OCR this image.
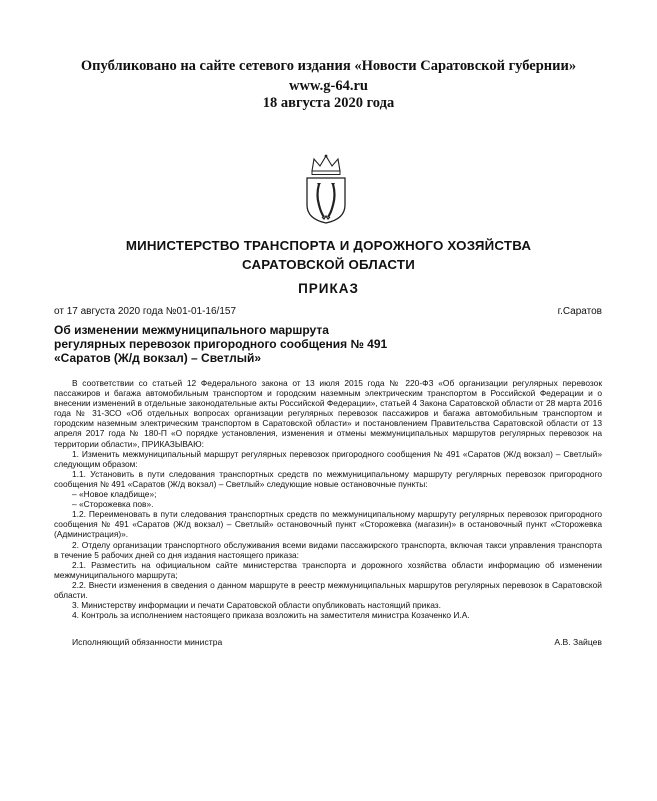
Опубликовано на сайте сетевого издания «Новости Саратовской губернии»
www.g-64.ru
18 августа 2020 года
МИНИСТЕРСТВО ТРАНСПОРТА И ДОРОЖНОГО ХОЗЯЙСТВА
САРАТОВСКОЙ ОБЛАСТИ
ПРИКАЗ
от 17 августа 2020 года №01-01-16/157	г.Саратов
Об изменении межмуниципального маршрута
регулярных перевозок пригородного сообщения № 491
«Саратов (Ж/д вокзал) – Светлый»

В соответствии со статьей 12 Федерального закона от 13 июля 2015 года № 220-ФЗ «Об организации регулярных перевозок пассажиров и багажа автомобильным транспортом и городским наземным электрическим транспортом в Российской Федерации и о внесении изменений в отдельные законодательные акты Российской Федерации», статьей 4 Закона Саратовской области от 28 марта 2016 года № 31-ЗСО «Об отдельных вопросах организации регулярных перевозок пассажиров и багажа автомобильным транспортом и городским наземным электрическим транспортом в Саратовской области» и постановлением Правительства Саратовской области от 13 апреля 2017 года № 180-П «О порядке установления, изменения и отмены межмуниципальных маршрутов регулярных перевозок на территории области», ПРИКАЗЫВАЮ:

1. Изменить межмуниципальный маршрут регулярных перевозок пригородного сообщения № 491 «Саратов (Ж/д вокзал) – Светлый» следующим образом:

1.1. Установить в пути следования транспортных средств по межмуниципальному маршруту регулярных перевозок пригородного сообщения № 491 «Саратов (Ж/д вокзал) – Светлый» следующие новые остановочные пункты:

– «Новое кладбище»;

– «Сторожевка пов».

1.2. Переименовать в пути следования транспортных средств по межмуниципальному маршруту регулярных перевозок пригородного сообщения № 491 «Саратов (Ж/д вокзал) – Светлый» остановочный пункт «Сторожевка (магазин)» в остановочный пункт «Сторожевка (Администрация)».

2. Отделу организации транспортного обслуживания всеми видами пассажирского транспорта, включая такси управления транспорта в течение 5 рабочих дней со дня издания настоящего приказа:

2.1. Разместить на официальном сайте министерства транспорта и дорожного хозяйства области информацию об изменении межмуниципального маршрута;

2.2. Внести изменения в сведения о данном маршруте в реестр межмуниципальных маршрутов регулярных перевозок в Саратовской области.

3. Министерству информации и печати Саратовской области опубликовать настоящий приказ.

4. Контроль за исполнением настоящего приказа возложить на заместителя министра Козаченко И.А.

Исполняющий обязанности министра	А.В. Зайцев
